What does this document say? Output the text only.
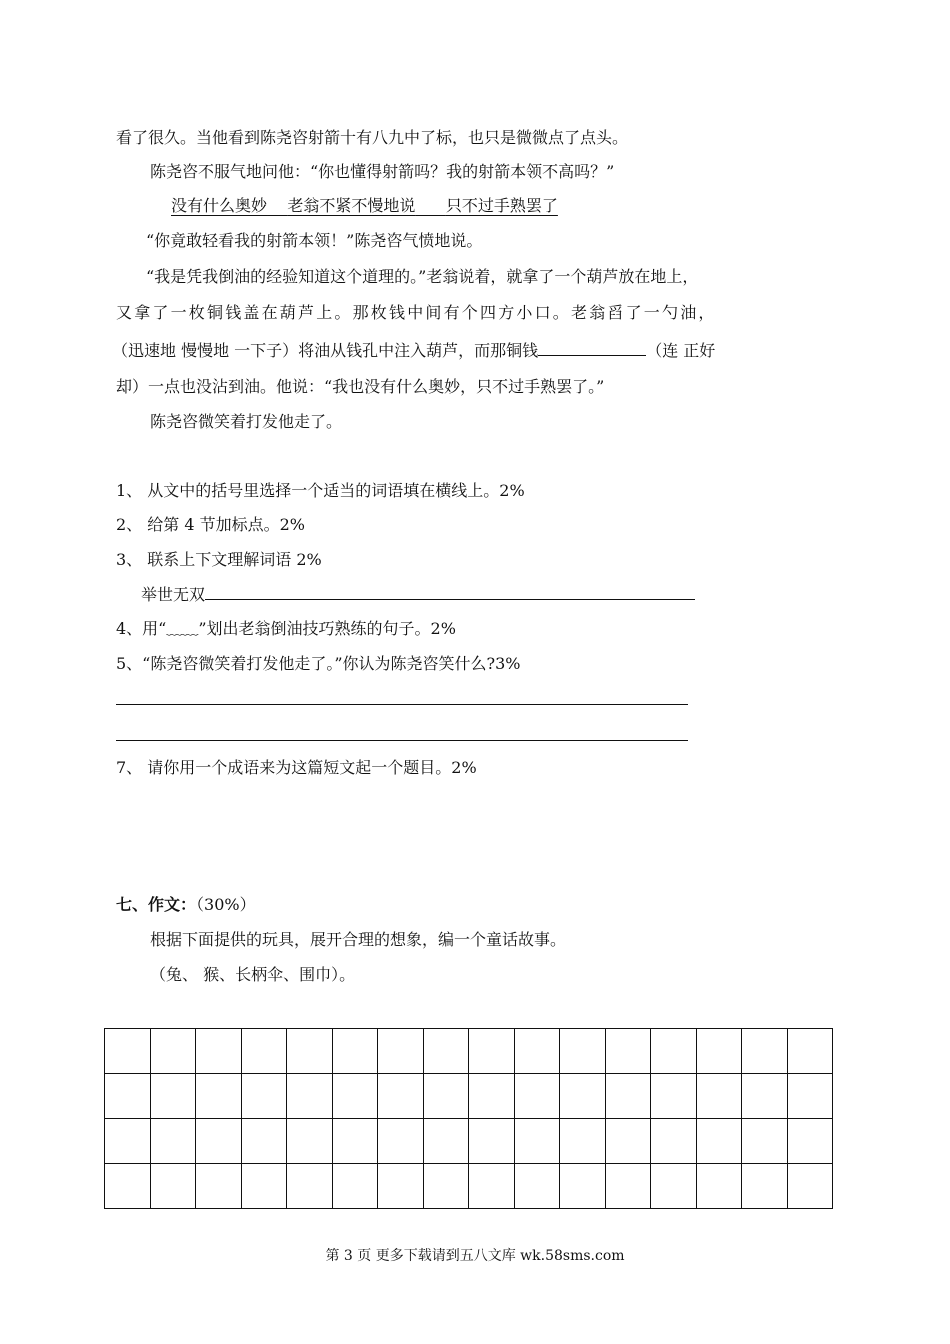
看了很久。当他看到陈尧咨射箭十有八九中了标，也只是微微点了点头。
陈尧咨不服气地问他：“你也懂得射箭吗？我的射箭本领不高吗？”
没有什么奥妙 老翁不紧不慢地说 只不过手熟罢了
“你竟敢轻看我的射箭本领！”陈尧咨气愤地说。
“我是凭我倒油的经验知道这个道理的。”老翁说着，就拿了一个葫芦放在地上，
又拿了一枚铜钱盖在葫芦上。那枚钱中间有个四方小口。老翁舀了一勺油，
（迅速地 慢慢地 一下子）将油从钱孔中注入葫芦，而那铜钱	（连 正好
却）一点也没沾到油。他说：“我也没有什么奥妙，只不过手熟罢了。”
陈尧咨微笑着打发他走了。
1、 从文中的括号里选择一个适当的词语填在横线上。2%
2、 给第 4 节加标点。2%
3、 联系上下文理解词语 2%
举世无双
4、用“﹏﹏”划出老翁倒油技巧熟练的句子。2%
5、“陈尧咨微笑着打发他走了。”你认为陈尧咨笑什么?3%
7、 请你用一个成语来为这篇短文起一个题目。2%
七、作文：（30%）
根据下面提供的玩具，展开合理的想象，编一个童话故事。
（兔、 猴、长柄伞、围巾）。

第 3 页 更多下载请到五八文库 wk.58sms.com
